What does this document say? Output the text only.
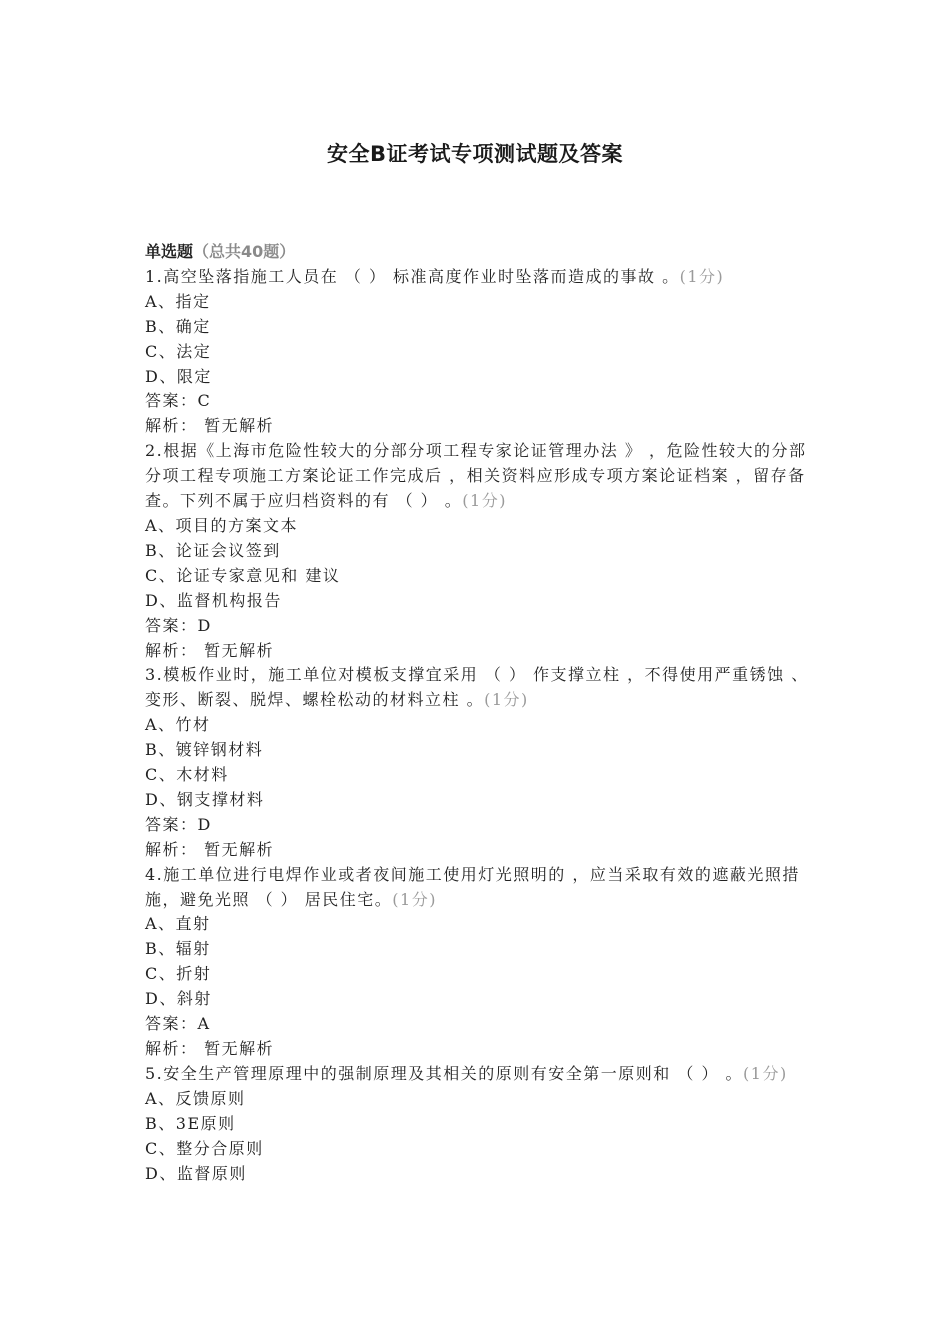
安全B证考试专项测试题及答案
单选题（总共40题）

1.高空坠落指施工人员在 （ ） 标准高度作业时坠落而造成的事故 。(1分)

A、指定

B、确定

C、法定

D、限定

答案：C

解析： 暂无解析

2.根据《上海市危险性较大的分部分项工程专家论证管理办法 》 ，危险性较大的分部 分项工程专项施工方案论证工作完成后 ，相关资料应形成专项方案论证档案 ，留存备 查。下列不属于应归档资料的有 （ ） 。(1分)

A、项目的方案文本

B、论证会议签到

C、论证专家意见和 建议

D、监督机构报告

答案：D

解析： 暂无解析

3.模板作业时，施工单位对模板支撑宜采用 （ ） 作支撑立柱 ，不得使用严重锈蚀 、变形、断裂、脱焊、螺栓松动的材料立柱 。(1分)

A、竹材

B、镀锌钢材料

C、木材料

D、钢支撑材料

答案：D

解析： 暂无解析

4.施工单位进行电焊作业或者夜间施工使用灯光照明的 ，应当采取有效的遮蔽光照措 施，避免光照 （ ） 居民住宅。(1分)

A、直射

B、辐射

C、折射

D、斜射

答案：A

解析： 暂无解析

5.安全生产管理原理中的强制原理及其相关的原则有安全第一原则和 （ ） 。(1分)

A、反馈原则

B、3E原则

C、整分合原则

D、监督原则
